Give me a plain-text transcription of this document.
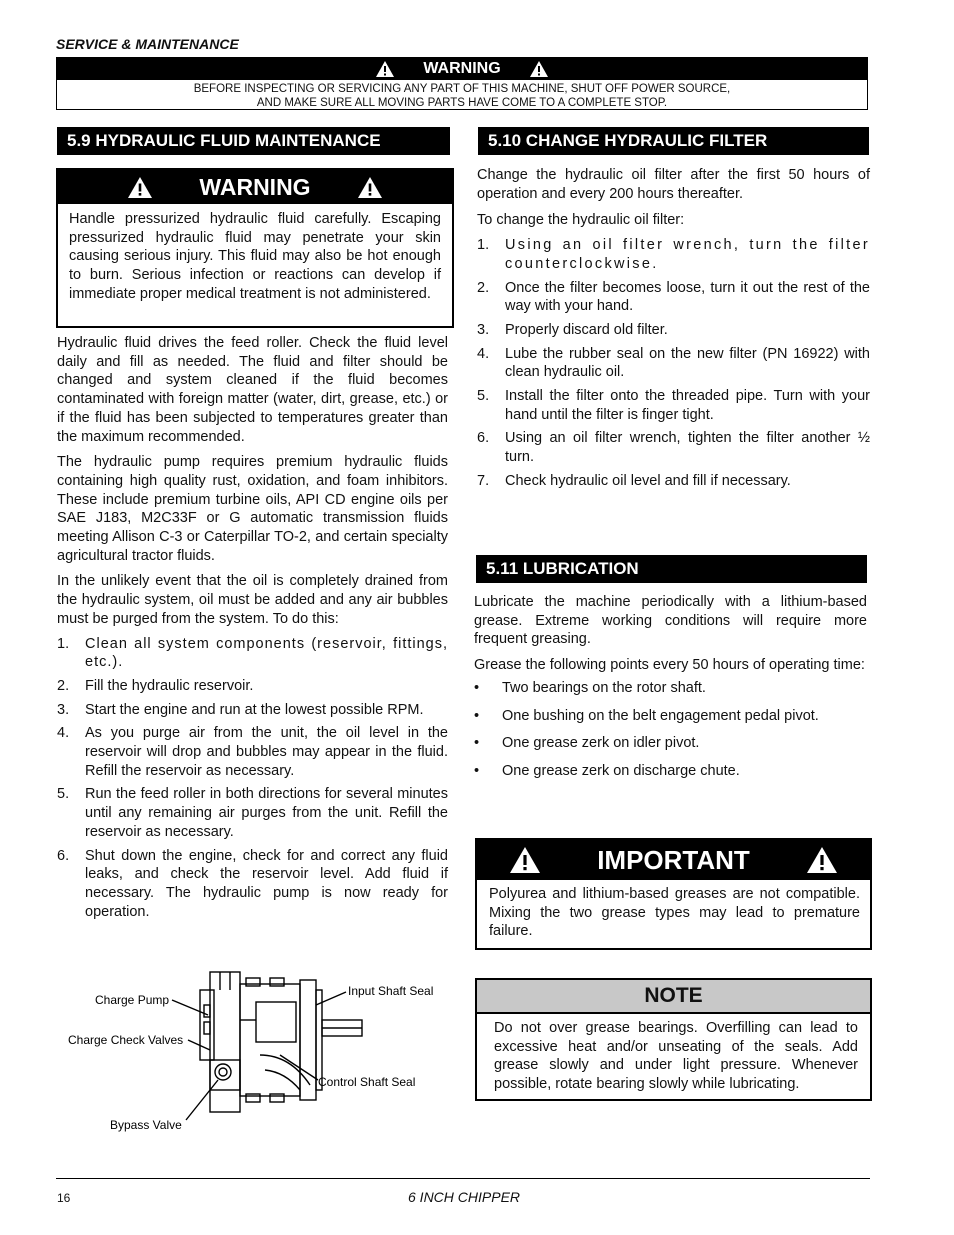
SERVICE & MAINTENANCE
WARNING
BEFORE INSPECTING OR SERVICING ANY PART OF THIS MACHINE, SHUT OFF POWER SOURCE,
AND MAKE SURE ALL MOVING PARTS HAVE COME TO A COMPLETE STOP.
5.9 HYDRAULIC FLUID MAINTENANCE
WARNING

Handle pressurized hydraulic fluid carefully. Escaping pressurized hydraulic fluid may penetrate your skin causing serious injury. This fluid may also be hot enough to burn. Serious infection or reactions can develop if immediate proper medical treatment is not administered.

Hydraulic fluid drives the feed roller. Check the fluid level daily and fill as needed. The fluid and filter should be changed and system cleaned if the fluid becomes contaminated with foreign matter (water, dirt, grease, etc.) or if the fluid has been subjected to temperatures greater than the maximum recommended.

The hydraulic pump requires premium hydraulic fluids containing high quality rust, oxidation, and foam inhibitors. These include premium turbine oils, API CD engine oils per SAE J183, M2C33F or G automatic transmission fluids meeting Allison C-3 or Caterpillar TO-2, and certain specialty agricultural tractor fluids.

In the unlikely event that the oil is completely drained from the hydraulic system, oil must be added and any air bubbles must be purged from the system. To do this:

1. Clean all system components (reservoir, fittings, etc.).
2. Fill the hydraulic reservoir.
3. Start the engine and run at the lowest possible RPM.
4. As you purge air from the unit, the oil level in the reservoir will drop and bubbles may appear in the fluid. Refill the reservoir as necessary.
5. Run the feed roller in both directions for several minutes until any remaining air purges from the unit. Refill the reservoir as necessary.
6. Shut down the engine, check for and correct any fluid leaks, and check the reservoir level. Add fluid if necessary. The hydraulic pump is now ready for operation.
Charge Pump
Charge Check Valves
Bypass Valve
Input Shaft Seal
Control Shaft Seal
5.10 CHANGE HYDRAULIC FILTER

Change the hydraulic oil filter after the first 50 hours of operation and every 200 hours thereafter.

To change the hydraulic oil filter:

1. Using an oil filter wrench, turn the filter counterclockwise.
2. Once the filter becomes loose, turn it out the rest of the way with your hand.
3. Properly discard old filter.
4. Lube the rubber seal on the new filter (PN 16922) with clean hydraulic oil.
5. Install the filter onto the threaded pipe. Turn with your hand until the filter is finger tight.
6. Using an oil filter wrench, tighten the filter another ½ turn.
7. Check hydraulic oil level and fill if necessary.
5.11 LUBRICATION

Lubricate the machine periodically with a lithium-based grease. Extreme working conditions will require more frequent greasing.

Grease the following points every 50 hours of operating time:

• Two bearings on the rotor shaft.
• One bushing on the belt engagement pedal pivot.
• One grease zerk on idler pivot.
• One grease zerk on discharge chute.
IMPORTANT

Polyurea and lithium-based greases are not compatible. Mixing the two grease types may lead to premature failure.

NOTE

Do not over grease bearings. Overfilling can lead to excessive heat and/or unseating of the seals. Add grease slowly and under light pressure. Whenever possible, rotate bearing slowly while lubricating.

16	6 INCH CHIPPER
